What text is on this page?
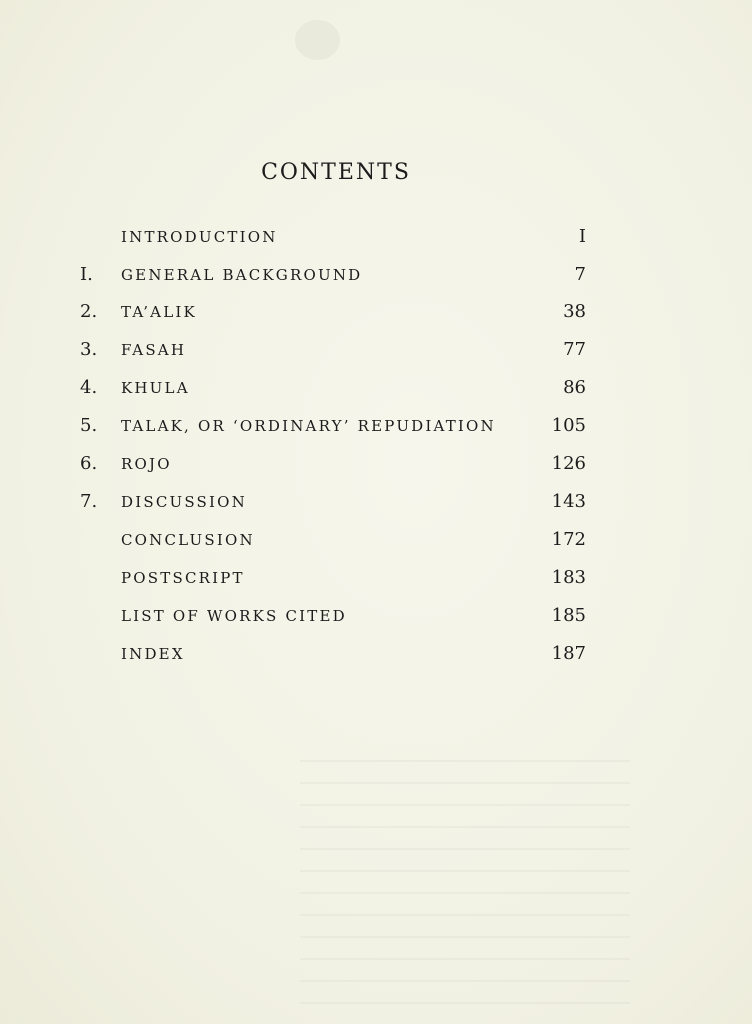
CONTENTS
INTRODUCTION	I
I.	GENERAL BACKGROUND	7
2.	TA’ALIK	38
3.	FASAH	77
4.	KHULA	86
5.	TALAK, OR ‘ORDINARY’ REPUDIATION	105
6.	ROJO	126
7.	DISCUSSION	143
CONCLUSION	172
POSTSCRIPT	183
LIST OF WORKS CITED	185
INDEX	187
